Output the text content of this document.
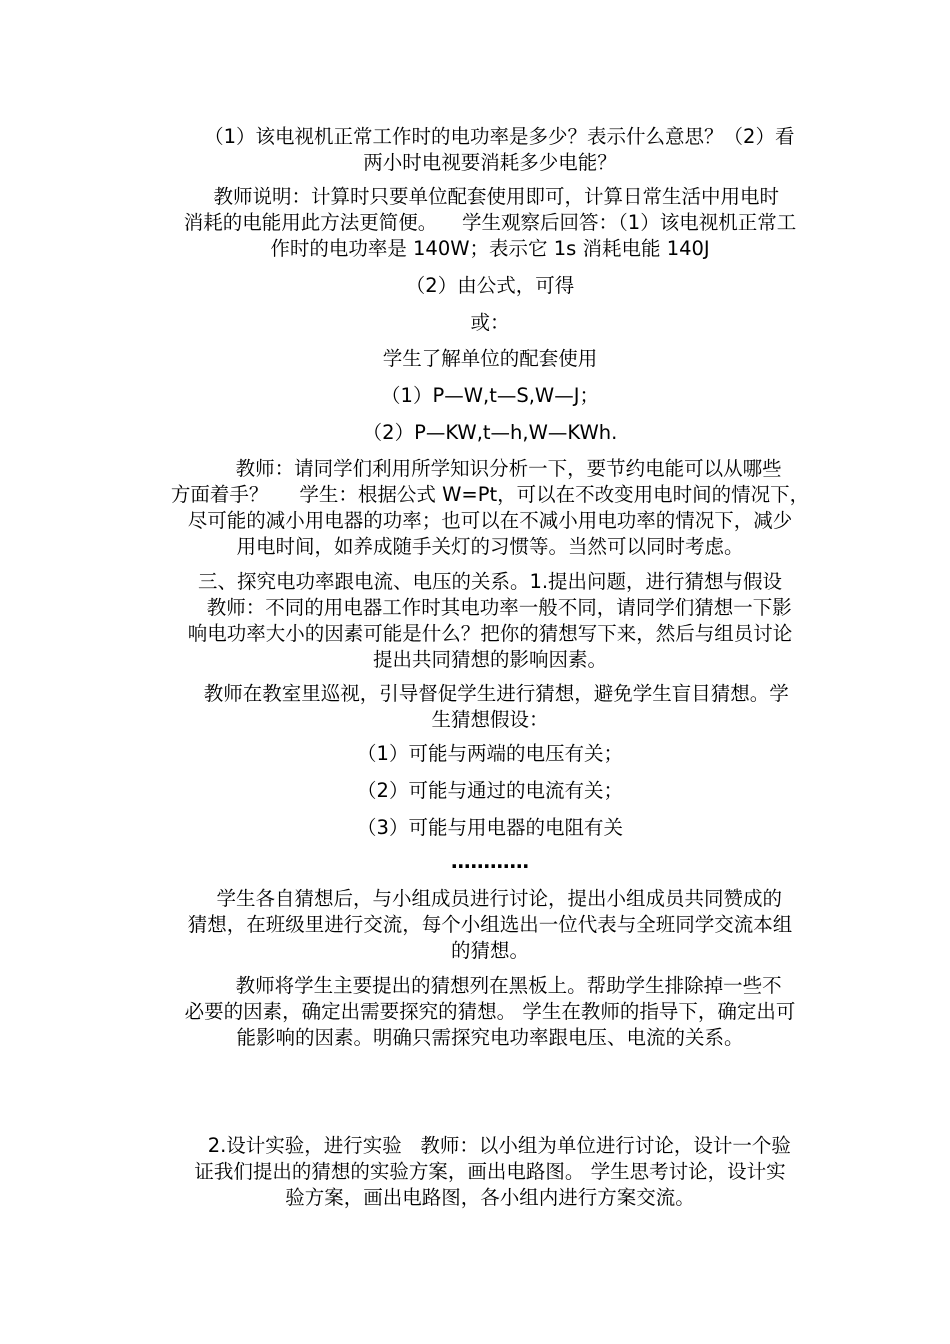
（1）该电视机正常工作时的电功率是多少？表示什么意思？（2）看
两小时电视要消耗多少电能？
教师说明：计算时只要单位配套使用即可，计算日常生活中用电时
消耗的电能用此方法更简便。    学生观察后回答：（1）该电视机正常工
作时的电功率是 140W；表示它 1s 消耗电能 140J
（2）由公式，可得
或：
学生了解单位的配套使用
（1）P—W,t—S,W—J；
（2）P—KW,t—h,W—KWh.
教师：请同学们利用所学知识分析一下，要节约电能可以从哪些
方面着手？     学生：根据公式 W=Pt，可以在不改变用电时间的情况下，
尽可能的减小用电器的功率；也可以在不减小用电功率的情况下，减少
用电时间，如养成随手关灯的习惯等。当然可以同时考虑。
三、探究电功率跟电流、电压的关系。1.提出问题，进行猜想与假设
教师：不同的用电器工作时其电功率一般不同，请同学们猜想一下影
响电功率大小的因素可能是什么？把你的猜想写下来，然后与组员讨论
提出共同猜想的影响因素。
教师在教室里巡视，引导督促学生进行猜想，避免学生盲目猜想。学
生猜想假设：
（1）可能与两端的电压有关；
（2）可能与通过的电流有关；
（3）可能与用电器的电阻有关
…………
学生各自猜想后，与小组成员进行讨论，提出小组成员共同赞成的
猜想，在班级里进行交流，每个小组选出一位代表与全班同学交流本组
的猜想。
教师将学生主要提出的猜想列在黑板上。帮助学生排除掉一些不
必要的因素，确定出需要探究的猜想。 学生在教师的指导下，确定出可
能影响的因素。明确只需探究电功率跟电压、电流的关系。
2.设计实验，进行实验   教师：以小组为单位进行讨论，设计一个验
证我们提出的猜想的实验方案，画出电路图。 学生思考讨论，设计实
验方案，画出电路图，各小组内进行方案交流。
